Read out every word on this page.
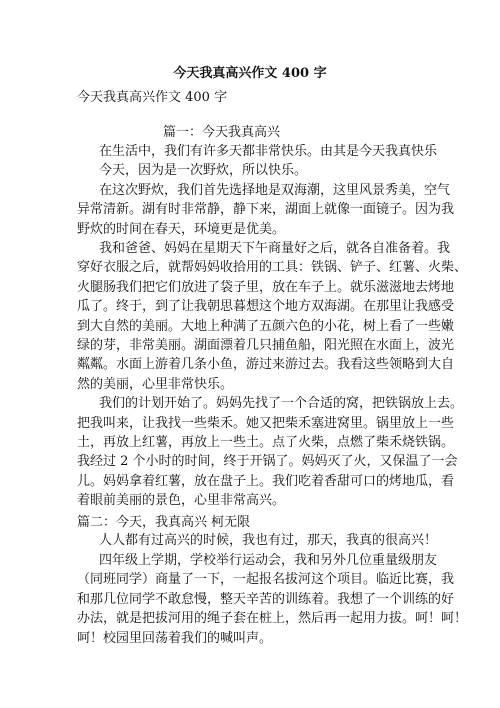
今天我真高兴作文 400 字
今天我真高兴作文 400 字
篇一：今天我真高兴
在生活中，我们有许多天都非常快乐。由其是今天我真快乐
今天，因为是一次野炊，所以快乐。
在这次野炊，我们首先选择地是双海潮，这里风景秀美，空气
异常清新。湖有时非常静，静下来，湖面上就像一面镜子。因为我
野炊的时间在春天，环境更是优美。
我和爸爸、妈妈在星期天下午商量好之后，就各自准备着。我
穿好衣服之后，就帮妈妈收拾用的工具：铁锅、铲子、红薯、火柴、
火腿肠我们把它们放进了袋子里，放在车子上。就乐滋滋地去烤地
瓜了。终于，到了让我朝思暮想这个地方双海湖。在那里让我感受
到大自然的美丽。大地上种满了五颜六色的小花，树上看了一些嫩
绿的芽，非常美丽。湖面漂着几只捕鱼船，阳光照在水面上，波光
粼粼。水面上游着几条小鱼，游过来游过去。我看这些领略到大自
然的美丽，心里非常快乐。
我们的计划开始了。妈妈先找了一个合适的窝，把铁锅放上去。
把我叫来，让我找一些柴禾。她又把柴禾塞进窝里。锅里放上一些
土，再放上红薯，再放上一些土。点了火柴，点燃了柴禾烧铁锅。
我经过 2 个小时的时间，终于开锅了。妈妈灭了火，又保温了一会
儿。妈妈拿着红薯，放在盘子上。我们吃着香甜可口的烤地瓜，看
着眼前美丽的景色，心里非常高兴。
篇二：今天，我真高兴 柯无限
人人都有过高兴的时候，我也有过，那天，我真的很高兴！
四年级上学期，学校举行运动会，我和另外几位重量级朋友
（同班同学）商量了一下，一起报名拔河这个项目。临近比赛，我
和那几位同学不敢怠慢，整天辛苦的训练着。我想了一个训练的好
办法，就是把拔河用的绳子套在桩上，然后再一起用力拔。呵！呵！
呵！校园里回荡着我们的喊叫声。
